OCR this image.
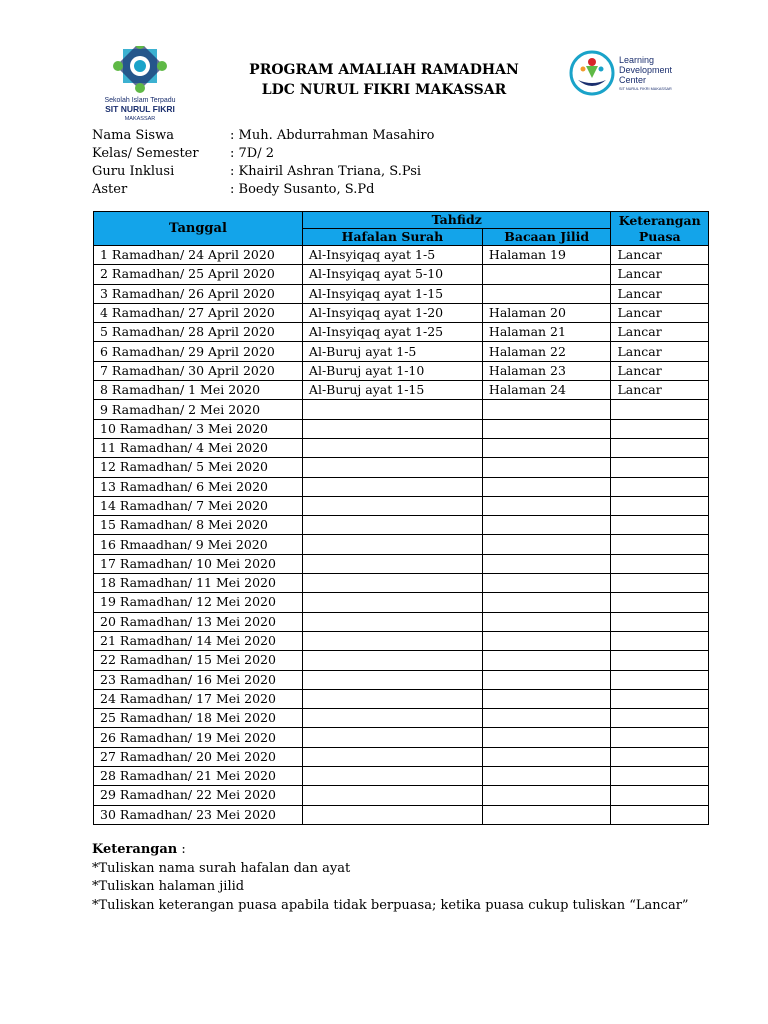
Sekolah Islam Terpadu
SIT NURUL FIKRI
MAKASSAR
Learning
Development
Center
SIT NURUL FIKRI MAKASSAR
PROGRAM AMALIAH RAMADHAN
LDC NURUL FIKRI MAKASSAR
Nama Siswa	: Muh. Abdurrahman Masahiro
Kelas/ Semester	: 7D/ 2
Guru Inklusi	: Khairil Ashran Triana, S.Psi
Aster	: Boedy Susanto, S.Pd
Tanggal	Tahfidz		Keterangan Puasa
	Hafalan Surah	Bacaan Jilid	
1 Ramadhan/ 24 April 2020	Al-Insyiqaq ayat 1-5	Halaman 19	Lancar
2 Ramadhan/ 25 April 2020	Al-Insyiqaq ayat 5-10		Lancar
3 Ramadhan/ 26 April 2020	Al-Insyiqaq ayat 1-15		Lancar
4 Ramadhan/ 27 April 2020	Al-Insyiqaq ayat 1-20	Halaman 20	Lancar
5 Ramadhan/ 28 April 2020	Al-Insyiqaq ayat 1-25	Halaman 21	Lancar
6 Ramadhan/ 29 April 2020	Al-Buruj ayat 1-5	Halaman 22	Lancar
7 Ramadhan/ 30 April 2020	Al-Buruj ayat 1-10	Halaman 23	Lancar
8 Ramadhan/ 1 Mei 2020	Al-Buruj ayat 1-15	Halaman 24	Lancar
9 Ramadhan/ 2 Mei 2020			
10 Ramadhan/ 3 Mei 2020			
11 Ramadhan/ 4 Mei 2020			
12 Ramadhan/ 5 Mei 2020			
13 Ramadhan/ 6 Mei 2020			
14 Ramadhan/ 7 Mei 2020			
15 Ramadhan/ 8 Mei 2020			
16 Rmaadhan/ 9 Mei 2020			
17 Ramadhan/ 10 Mei 2020			
18 Ramadhan/ 11 Mei 2020			
19 Ramadhan/ 12 Mei 2020			
20 Ramadhan/ 13 Mei 2020			
21 Ramadhan/ 14 Mei 2020			
22 Ramadhan/ 15 Mei 2020			
23 Ramadhan/ 16 Mei 2020			
24 Ramadhan/ 17 Mei 2020			
25 Ramadhan/ 18 Mei 2020			
26 Ramadhan/ 19 Mei 2020			
27 Ramadhan/ 20 Mei 2020			
28 Ramadhan/ 21 Mei 2020			
29 Ramadhan/ 22 Mei 2020			
30 Ramadhan/ 23 Mei 2020			
Keterangan :
*Tuliskan nama surah hafalan dan ayat
*Tuliskan halaman jilid
*Tuliskan keterangan puasa apabila tidak berpuasa; ketika puasa cukup tuliskan “Lancar”
